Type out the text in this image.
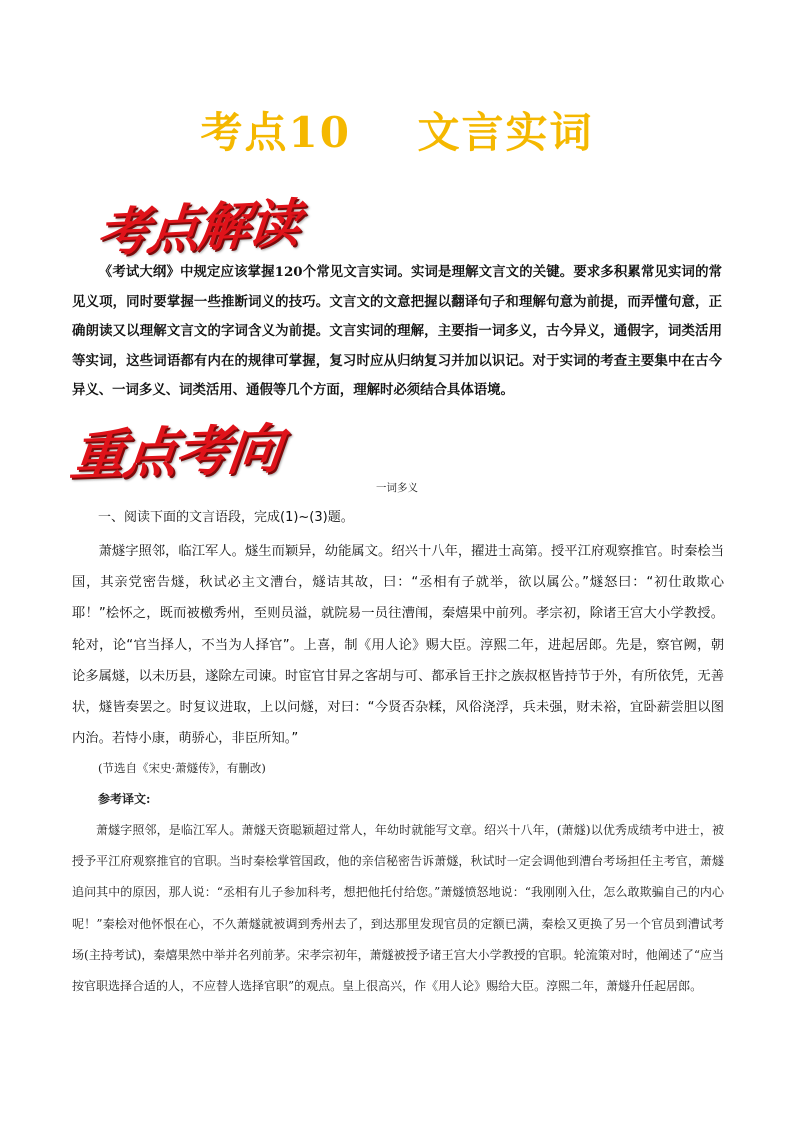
考点10    文言实词
考点解读

《考试大纲》中规定应该掌握120个常见文言实词。实词是理解文言文的关键。要求多积累常见实词的常见义项，同时要掌握一些推断词义的技巧。文言文的文意把握以翻译句子和理解句意为前提，而弄懂句意，正确朗读又以理解文言文的字词含义为前提。文言实词的理解，主要指一词多义，古今异义，通假字，词类活用等实词，这些词语都有内在的规律可掌握，复习时应从归纳复习并加以识记。对于实词的考查主要集中在古今异义、一词多义、词类活用、通假等几个方面，理解时必须结合具体语境。

重点考向
一词多义
一、阅读下面的文言语段，完成(1)~(3)题。

萧燧字照邻，临江军人。燧生而颖异，幼能属文。绍兴十八年，擢进士高第。授平江府观察推官。时秦桧当国，其亲党密告燧，秋试必主文漕台，燧诘其故，曰：“丞相有子就举，欲以属公。”燧怒曰：“初仕敢欺心耶！”桧怀之，既而被檄秀州，至则员溢，就院易一员往漕闱，秦熺果中前列。孝宗初，除诸王宫大小学教授。轮对，论“官当择人，不当为人择官”。上喜，制《用人论》赐大臣。淳熙二年，进起居郎。先是，察官阙，朝论多属燧，以未历县，遂除左司谏。时宦官甘昇之客胡与可、都承旨王抃之族叔枢皆持节于外，有所依凭，无善状，燧皆奏罢之。时复议进取，上以问燧，对曰：“今贤否杂糅，风俗浇浮，兵未强，财未裕，宜卧薪尝胆以图内治。若恃小康，萌骄心，非臣所知。”

(节选自《宋史·萧燧传》，有删改)
参考译文:

萧燧字照邻，是临江军人。萧燧天资聪颖超过常人，年幼时就能写文章。绍兴十八年，(萧燧)以优秀成绩考中进士，被授予平江府观察推官的官职。当时秦桧掌管国政，他的亲信秘密告诉萧燧，秋试时一定会调他到漕台考场担任主考官，萧燧追问其中的原因，那人说：“丞相有儿子参加科考，想把他托付给您。”萧燧愤怒地说：“我刚刚入仕，怎么敢欺骗自己的内心呢！”秦桧对他怀恨在心，不久萧燧就被调到秀州去了，到达那里发现官员的定额已满，秦桧又更换了另一个官员到漕试考场(主持考试)，秦熺果然中举并名列前茅。宋孝宗初年，萧燧被授予诸王宫大小学教授的官职。轮流策对时，他阐述了“应当按官职选择合适的人，不应替人选择官职”的观点。皇上很高兴，作《用人论》赐给大臣。淳熙二年，萧燧升任起居郎。
